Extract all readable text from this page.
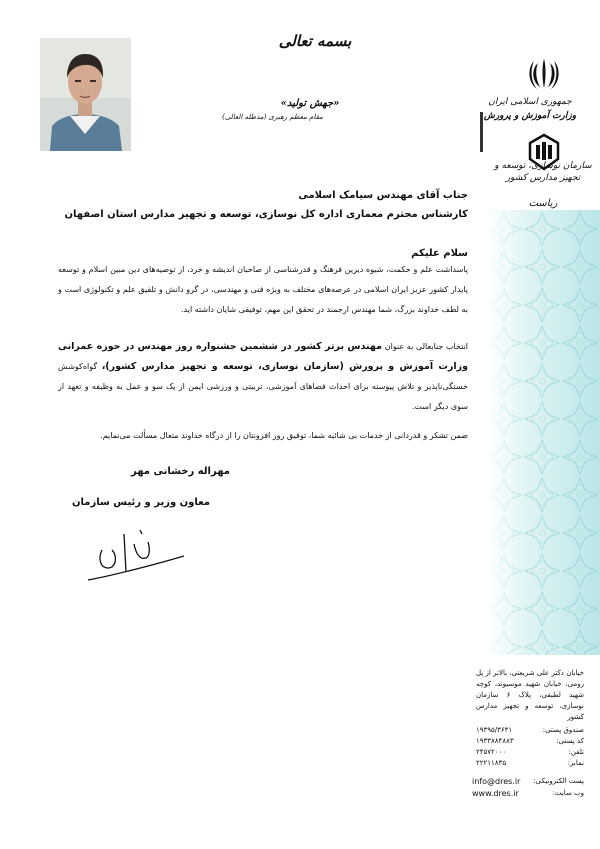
جمهوری اسلامی ایران
وزارت آموزش و پرورش
سازمان نوسازی، توسعه و تجهیز مدارس کشور
ریاست
بسمه تعالی
«جهش تولید»
مقام معظم رهبری (مدظله العالی)
جناب آقای مهندس سیامک اسلامی
کارشناس محترم معماری اداره کل نوسازی، توسعه و تجهیز مدارس استان اصفهان
سلام علیکم
پاسداشت علم و حکمت، شیوه دیرین فرهنگ و قدرشناسی از صاحبان اندیشه و خرد، از توصیه‌های دین مبین اسلام و توسعه پایدار کشور عزیز ایران اسلامی در عرصه‌های مختلف به ویژه فنی و مهندسی، در گرو دانش و تلفیق علم و تکنولوژی است و به لطف خداوند بزرگ، شما مهندس ارجمند در تحقق این مهم، توفیقی شایان داشته اید.
انتخاب جنابعالی به عنوان مهندس برتر کشور در ششمین جشنواره روز مهندس در حوزه عمرانی وزارت آموزش و پرورش (سازمان نوسازی، توسعه و تجهیز مدارس کشور)، گواه‌کوشش خستگی‌ناپذیر و تلاش پیوسته برای احداث فضاهای آموزشی، تربیتی و ورزشی ایمن از یک سو و عمل به وظیفه و تعهد از سوی دیگر است.
ضمن تشکر و قدردانی از خدمات بی شائبه شما، توفیق روز افزونتان را از درگاه خداوند متعال مسألت می‌نمایم.
مهراله رخشانی مهر
معاون وزیر و رئیس سازمان
خیابان دکتر علی شریعتی، بالاتر از پل رومی، خیابان شهید موسیوند، کوچه شهید لطیفی، پلاک ۶ سازمان نوسازی، توسعه و تجهیز مدارس کشور
صندوق پستی:
۱۹۳۹۵/۳۶۴۱
کد پستی:
۱۹۳۳۸۸۴۸۸۳
تلفن:
۲۴۵۷۲۰۰۰
نمابر:
۲۲۲۱۱۸۳۵
پست الکترونیکی:
info@dres.ir
وب سایت:
www.dres.ir
